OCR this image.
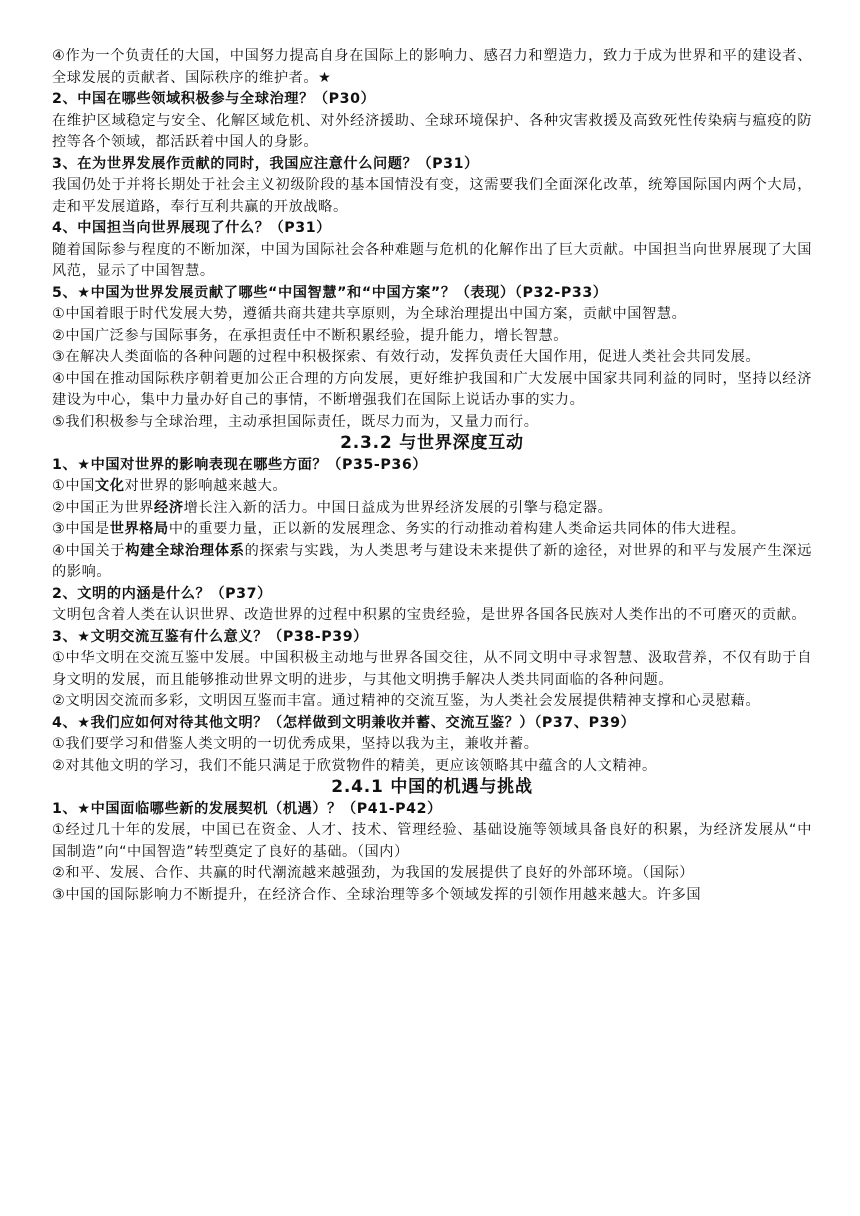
④作为一个负责任的大国，中国努力提高自身在国际上的影响力、感召力和塑造力，致力于成为世界和平的建设者、全球发展的贡献者、国际秩序的维护者。★

2、中国在哪些领域积极参与全球治理？（P30）

在维护区域稳定与安全、化解区域危机、对外经济援助、全球环境保护、各种灾害救援及高致死性传染病与瘟疫的防控等各个领域，都活跃着中国人的身影。

3、在为世界发展作贡献的同时，我国应注意什么问题？（P31）

我国仍处于并将长期处于社会主义初级阶段的基本国情没有变，这需要我们全面深化改革，统筹国际国内两个大局，走和平发展道路，奉行互利共赢的开放战略。

4、中国担当向世界展现了什么？（P31）

随着国际参与程度的不断加深，中国为国际社会各种难题与危机的化解作出了巨大贡献。中国担当向世界展现了大国风范，显示了中国智慧。

5、★中国为世界发展贡献了哪些“中国智慧”和“中国方案”？（表现）（P32-P33）

①中国着眼于时代发展大势，遵循共商共建共享原则，为全球治理提出中国方案，贡献中国智慧。

②中国广泛参与国际事务，在承担责任中不断积累经验，提升能力，增长智慧。

③在解决人类面临的各种问题的过程中积极探索、有效行动，发挥负责任大国作用，促进人类社会共同发展。

④中国在推动国际秩序朝着更加公正合理的方向发展，更好维护我国和广大发展中国家共同利益的同时，坚持以经济建设为中心，集中力量办好自己的事情，不断增强我们在国际上说话办事的实力。

⑤我们积极参与全球治理，主动承担国际责任，既尽力而为，又量力而行。

2.3.2 与世界深度互动

1、★中国对世界的影响表现在哪些方面？（P35-P36）

①中国文化对世界的影响越来越大。

②中国正为世界经济增长注入新的活力。中国日益成为世界经济发展的引擎与稳定器。

③中国是世界格局中的重要力量，正以新的发展理念、务实的行动推动着构建人类命运共同体的伟大进程。

④中国关于构建全球治理体系的探索与实践，为人类思考与建设未来提供了新的途径，对世界的和平与发展产生深远的影响。

2、文明的内涵是什么？（P37）

文明包含着人类在认识世界、改造世界的过程中积累的宝贵经验，是世界各国各民族对人类作出的不可磨灭的贡献。

3、★文明交流互鉴有什么意义？（P38-P39）

①中华文明在交流互鉴中发展。中国积极主动地与世界各国交往，从不同文明中寻求智慧、汲取营养，不仅有助于自身文明的发展，而且能够推动世界文明的进步，与其他文明携手解决人类共同面临的各种问题。

②文明因交流而多彩，文明因互鉴而丰富。通过精神的交流互鉴，为人类社会发展提供精神支撑和心灵慰藉。

4、★我们应如何对待其他文明？（怎样做到文明兼收并蓄、交流互鉴？）（P37、P39）

①我们要学习和借鉴人类文明的一切优秀成果，坚持以我为主，兼收并蓄。

②对其他文明的学习，我们不能只满足于欣赏物件的精美，更应该领略其中蕴含的人文精神。

2.4.1 中国的机遇与挑战

1、★中国面临哪些新的发展契机（机遇）？（P41-P42）

①经过几十年的发展，中国已在资金、人才、技术、管理经验、基础设施等领域具备良好的积累，为经济发展从“中国制造”向“中国智造”转型奠定了良好的基础。（国内）

②和平、发展、合作、共赢的时代潮流越来越强劲，为我国的发展提供了良好的外部环境。（国际）

③中国的国际影响力不断提升，在经济合作、全球治理等多个领域发挥的引领作用越来越大。许多国
